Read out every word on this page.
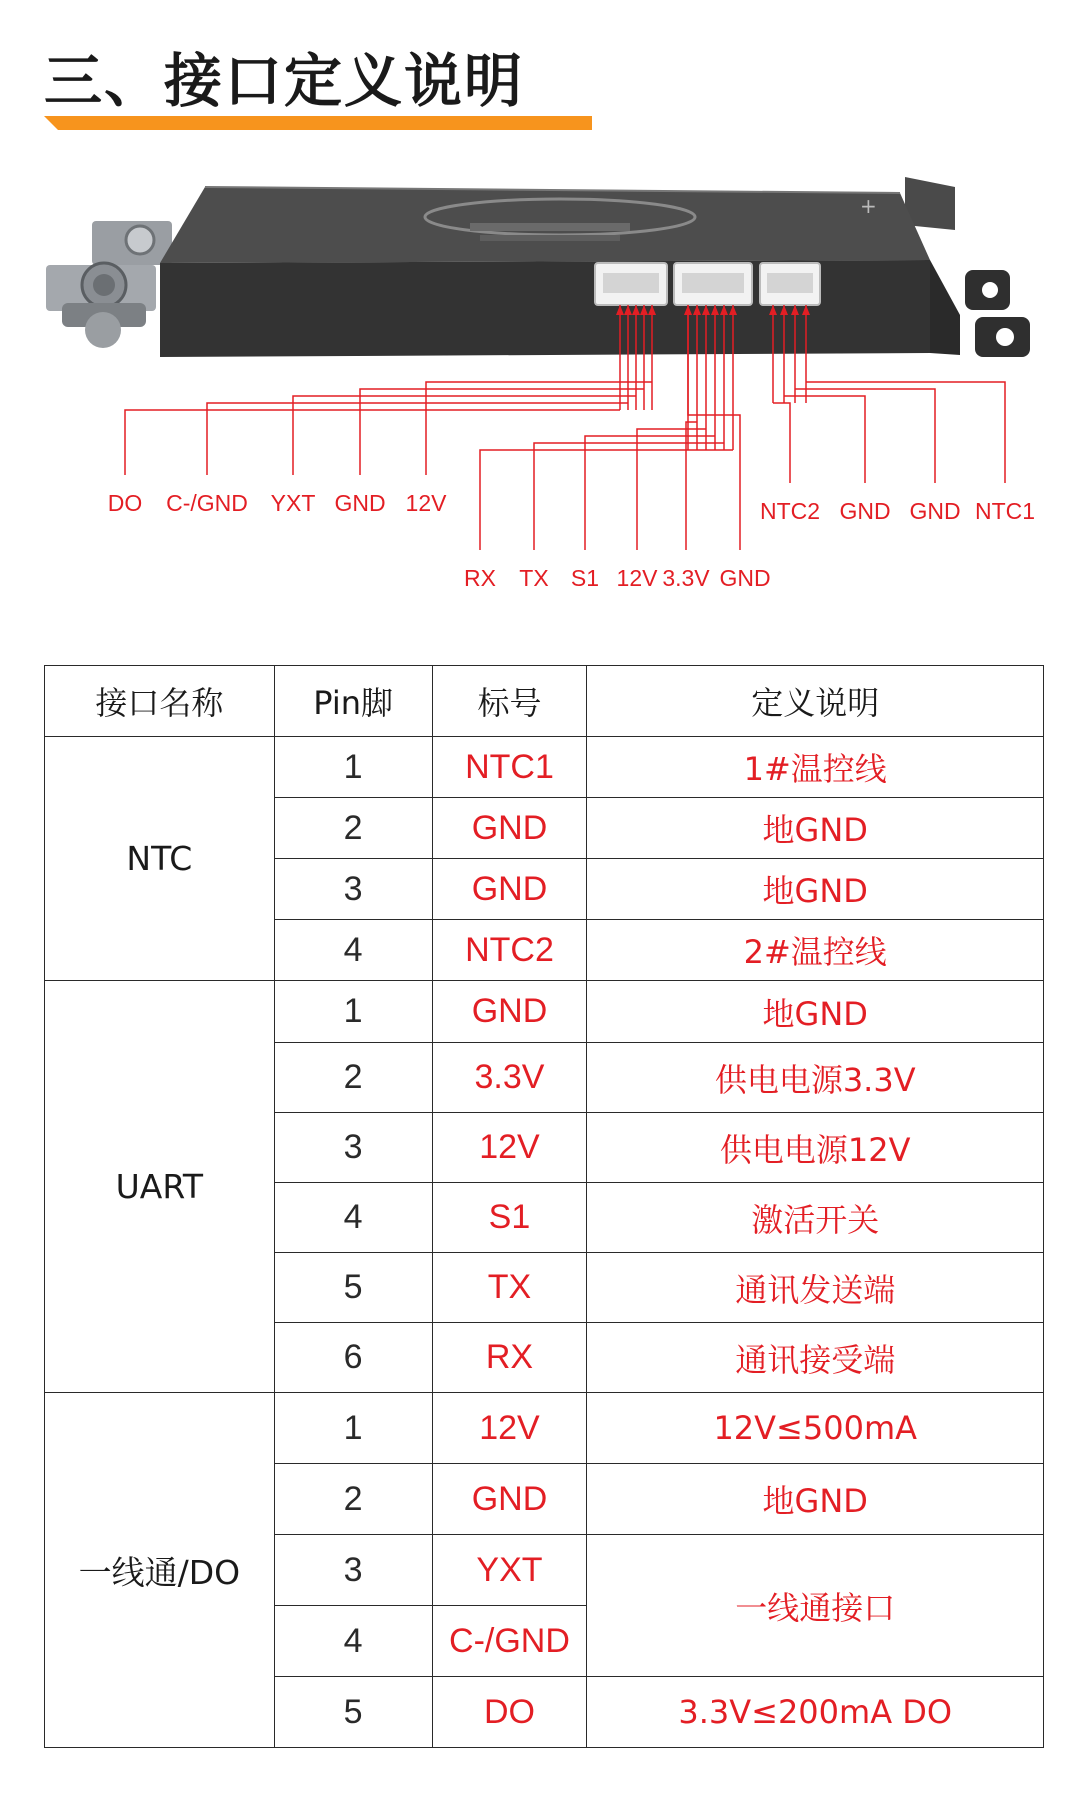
三、接口定义说明
+
DO C-/GND YXT GND 12V
RX TX S1 12V 3.3V GND
NTC2 GND GND NTC1
接口名称	Pin脚	标号	定义说明
NTC	1	NTC1	1#温控线
	2	GND	地GND
	3	GND	地GND
	4	NTC2	2#温控线
UART	1	GND	地GND
	2	3.3V	供电电源3.3V
	3	12V	供电电源12V
	4	S1	激活开关
	5	TX	通讯发送端
	6	RX	通讯接受端
一线通/DO	1	12V	12V≤500mA
	2	GND	地GND
	3	YXT	一线通接口
	4	C-/GND	
	5	DO	3.3V≤200mA DO
